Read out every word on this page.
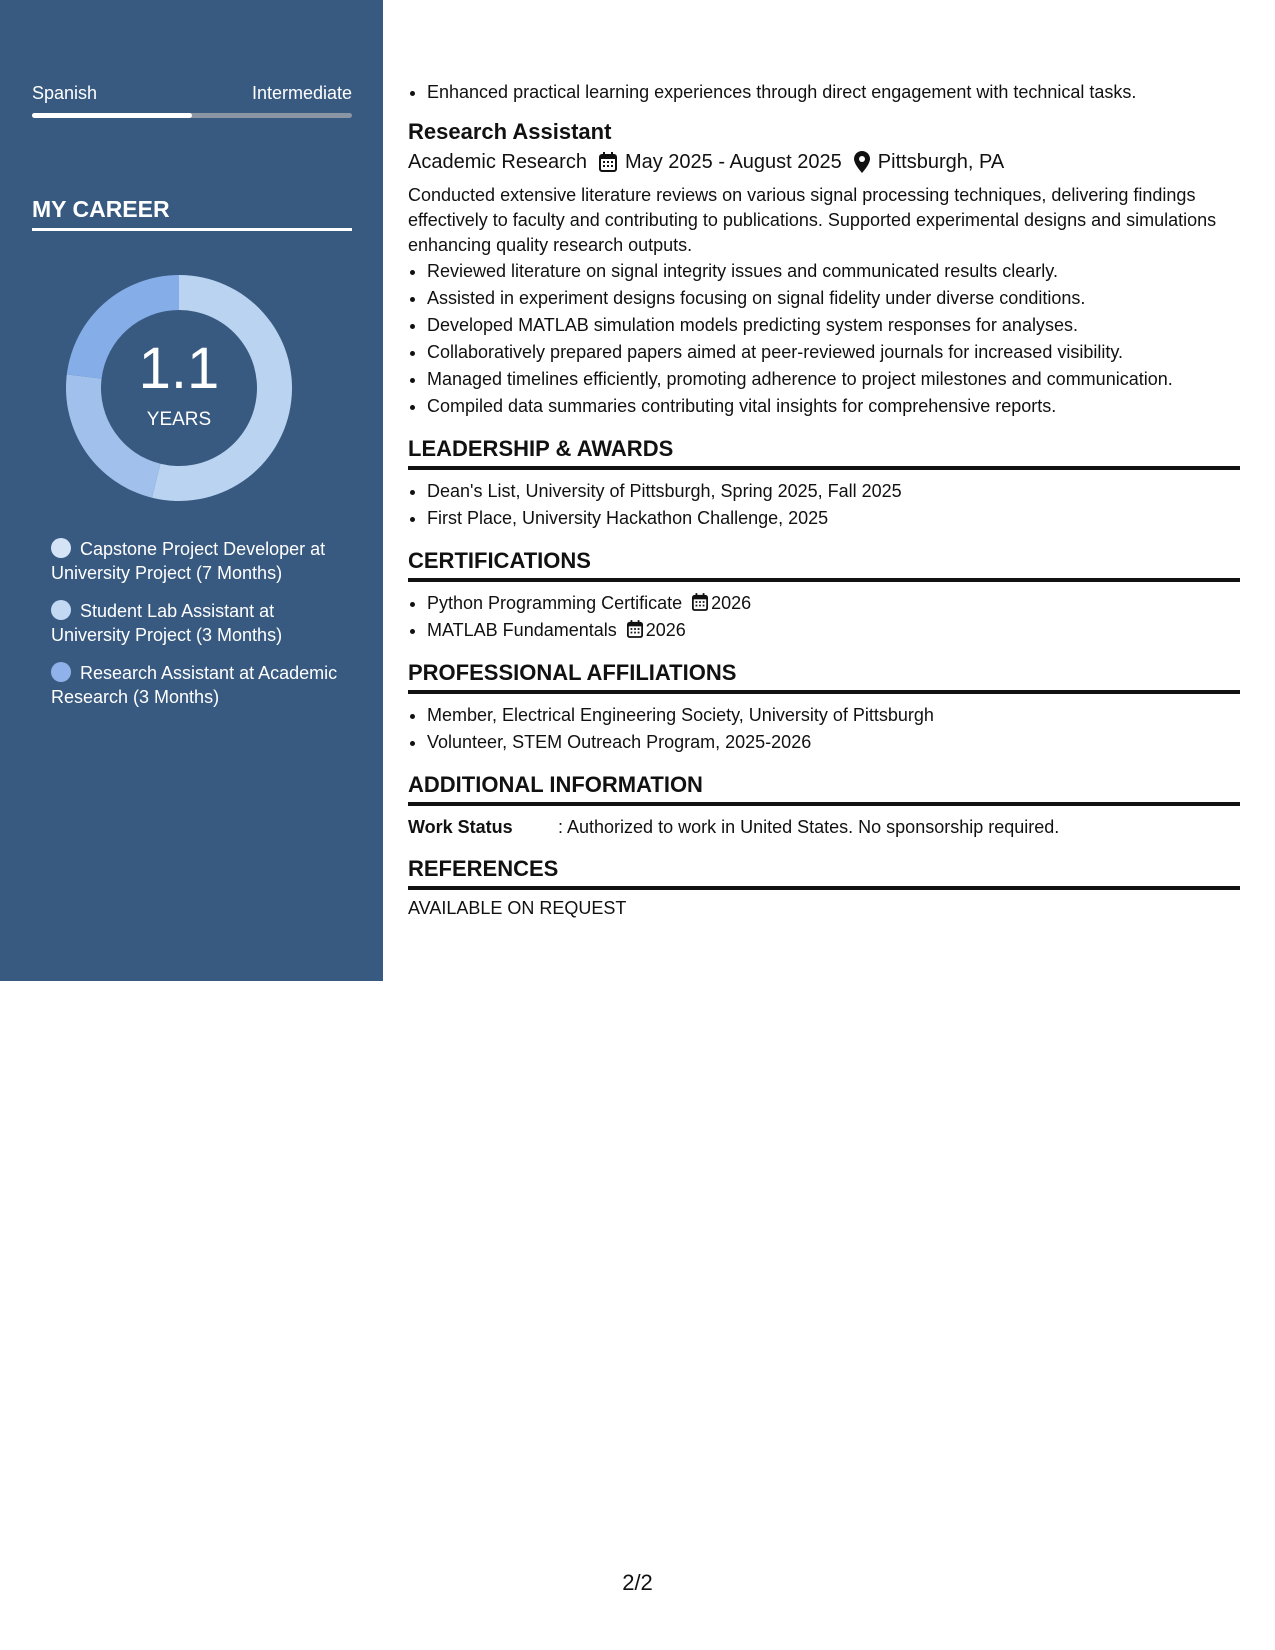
Spanish	Intermediate
MY CAREER
1.1
YEARS
Capstone Project Developer at University Project (7 Months)
Student Lab Assistant at University Project (3 Months)
Research Assistant at Academic Research (3 Months)
• Enhanced practical learning experiences through direct engagement with technical tasks.
Research Assistant
Academic Research May 2025 - August 2025 Pittsburgh, PA
Conducted extensive literature reviews on various signal processing techniques, delivering findings effectively to faculty and contributing to publications. Supported experimental designs and simulations enhancing quality research outputs.
• Reviewed literature on signal integrity issues and communicated results clearly.
• Assisted in experiment designs focusing on signal fidelity under diverse conditions.
• Developed MATLAB simulation models predicting system responses for analyses.
• Collaboratively prepared papers aimed at peer-reviewed journals for increased visibility.
• Managed timelines efficiently, promoting adherence to project milestones and communication.
• Compiled data summaries contributing vital insights for comprehensive reports.
LEADERSHIP & AWARDS
• Dean's List, University of Pittsburgh, Spring 2025, Fall 2025
• First Place, University Hackathon Challenge, 2025
CERTIFICATIONS
• Python Programming Certificate 2026
• MATLAB Fundamentals 2026
PROFESSIONAL AFFILIATIONS
• Member, Electrical Engineering Society, University of Pittsburgh
• Volunteer, STEM Outreach Program, 2025-2026
ADDITIONAL INFORMATION
Work Status	: Authorized to work in United States. No sponsorship required.
REFERENCES
AVAILABLE ON REQUEST
2/2
